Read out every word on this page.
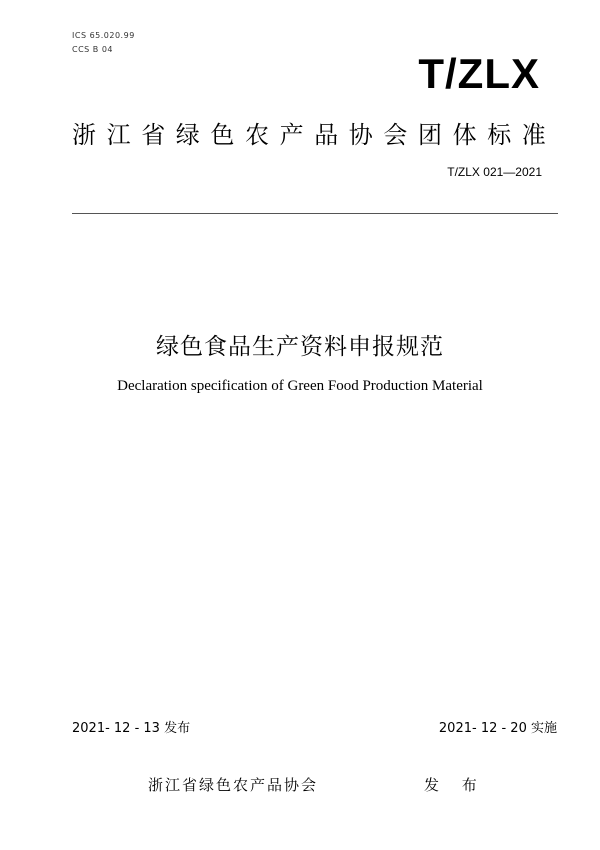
ICS 65.020.99
CCS B 04
T/ZLX
浙江省绿色农产品协会团体标准
T/ZLX 021—2021
绿色食品生产资料申报规范
Declaration specification of Green Food Production Material
2021- 12 - 13 发布	2021- 12 - 20 实施
浙江省绿色农产品协会	发 布
